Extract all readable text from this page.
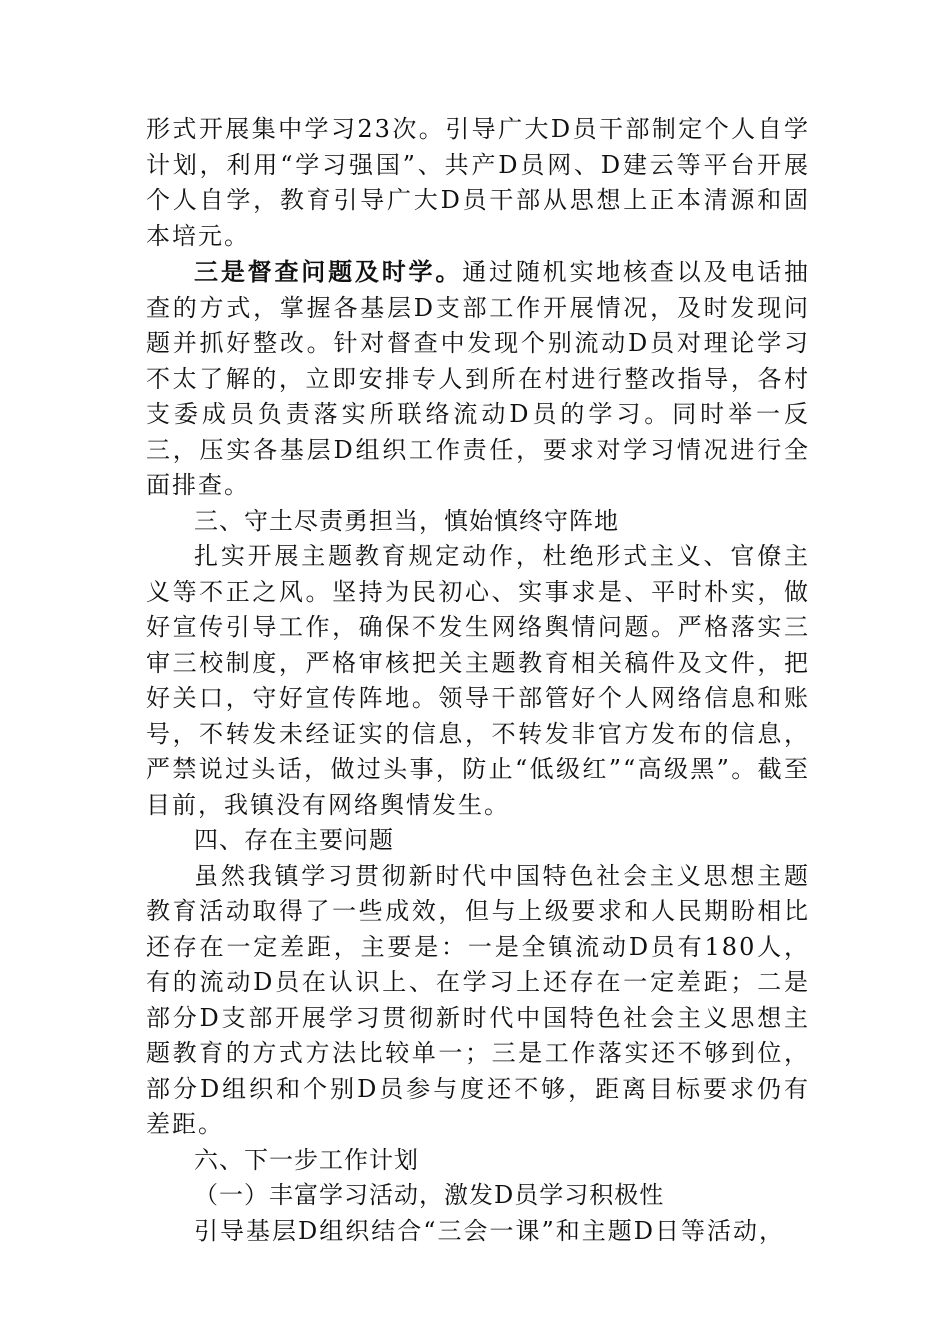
形式开展集中学习23次。引导广大D员干部制定个人自学计划，利用“学习强国”、共产D员网、D建云等平台开展个人自学，教育引导广大D员干部从思想上正本清源和固本培元。

三是督查问题及时学。通过随机实地核查以及电话抽查的方式，掌握各基层D支部工作开展情况，及时发现问题并抓好整改。针对督查中发现个别流动D员对理论学习不太了解的，立即安排专人到所在村进行整改指导，各村支委成员负责落实所联络流动D员的学习。同时举一反三，压实各基层D组织工作责任，要求对学习情况进行全面排查。

三、守土尽责勇担当，慎始慎终守阵地

扎实开展主题教育规定动作，杜绝形式主义、官僚主义等不正之风。坚持为民初心、实事求是、平时朴实，做好宣传引导工作，确保不发生网络舆情问题。严格落实三审三校制度，严格审核把关主题教育相关稿件及文件，把好关口，守好宣传阵地。领导干部管好个人网络信息和账号，不转发未经证实的信息，不转发非官方发布的信息，严禁说过头话，做过头事，防止“低级红”“高级黑”。截至目前，我镇没有网络舆情发生。

四、存在主要问题

虽然我镇学习贯彻新时代中国特色社会主义思想主题教育活动取得了一些成效，但与上级要求和人民期盼相比还存在一定差距，主要是：一是全镇流动D员有180人，有的流动D员在认识上、在学习上还存在一定差距；二是部分D支部开展学习贯彻新时代中国特色社会主义思想主题教育的方式方法比较单一；三是工作落实还不够到位，部分D组织和个别D员参与度还不够，距离目标要求仍有差距。

六、下一步工作计划

（一）丰富学习活动，激发D员学习积极性

引导基层D组织结合“三会一课”和主题D日等活动，
